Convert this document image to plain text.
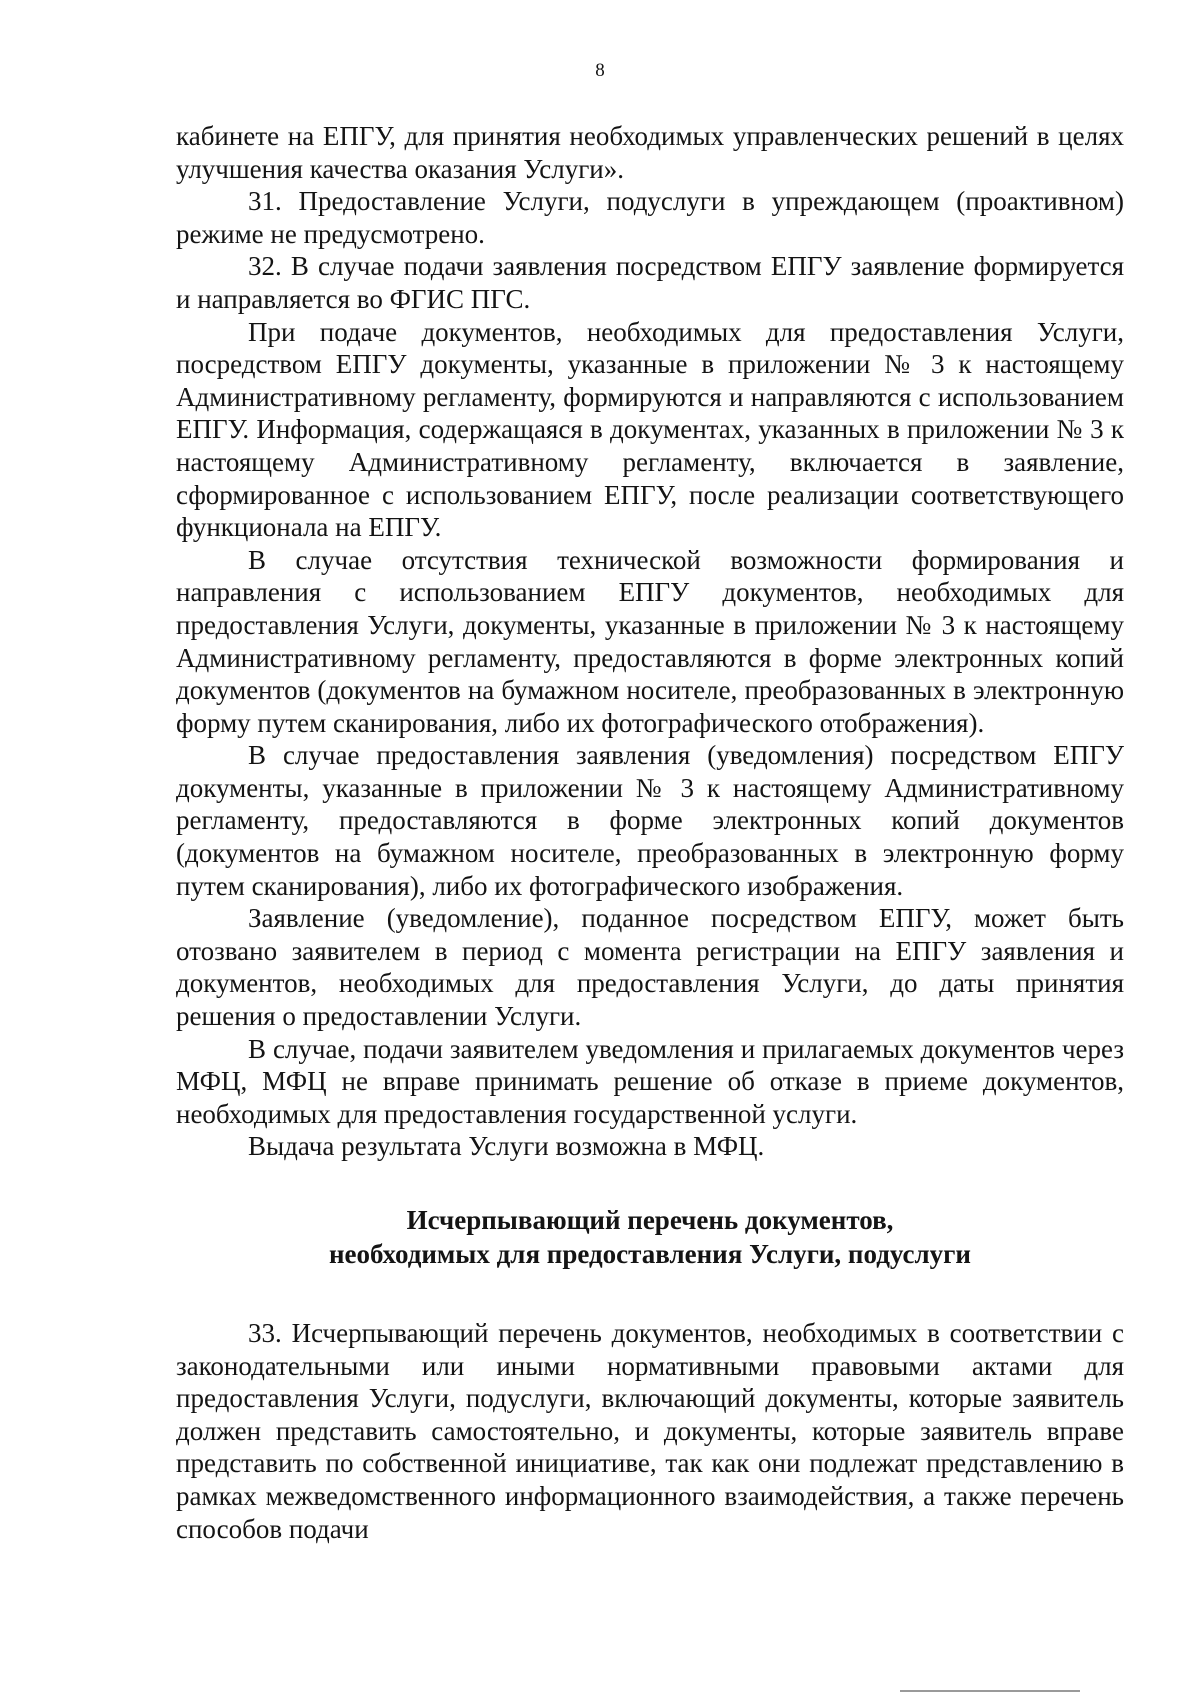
8

кабинете на ЕПГУ, для принятия необходимых управленческих решений в целях улучшения качества оказания Услуги».

31. Предоставление Услуги, подуслуги в упреждающем (проактивном) режиме не предусмотрено.

32. В случае подачи заявления посредством ЕПГУ заявление формируется и направляется во ФГИС ПГС.

При подаче документов, необходимых для предоставления Услуги, посредством ЕПГУ документы, указанные в приложении № 3 к настоящему Административному регламенту, формируются и направляются с использованием ЕПГУ. Информация, содержащаяся в документах, указанных в приложении № 3 к настоящему Административному регламенту, включается в заявление, сформированное с использованием ЕПГУ, после реализации соответствующего функционала на ЕПГУ.

В случае отсутствия технической возможности формирования и направления с использованием ЕПГУ документов, необходимых для предоставления Услуги, документы, указанные в приложении № 3 к настоящему Административному регламенту, предоставляются в форме электронных копий документов (документов на бумажном носителе, преобразованных в электронную форму путем сканирования, либо их фотографического отображения).

В случае предоставления заявления (уведомления) посредством ЕПГУ документы, указанные в приложении № 3 к настоящему Административному регламенту, предоставляются в форме электронных копий документов (документов на бумажном носителе, преобразованных в электронную форму путем сканирования), либо их фотографического изображения.

Заявление (уведомление), поданное посредством ЕПГУ, может быть отозвано заявителем в период с момента регистрации на ЕПГУ заявления и документов, необходимых для предоставления Услуги, до даты принятия решения о предоставлении Услуги.

В случае, подачи заявителем уведомления и прилагаемых документов через МФЦ, МФЦ не вправе принимать решение об отказе в приеме документов, необходимых для предоставления государственной услуги.

Выдача результата Услуги возможна в МФЦ.

Исчерпывающий перечень документов,
необходимых для предоставления Услуги, подуслуги

33. Исчерпывающий перечень документов, необходимых в соответствии с законодательными или иными нормативными правовыми актами для предоставления Услуги, подуслуги, включающий документы, которые заявитель должен представить самостоятельно, и документы, которые заявитель вправе представить по собственной инициативе, так как они подлежат представлению в рамках межведомственного информационного взаимодействия, а также перечень способов подачи
